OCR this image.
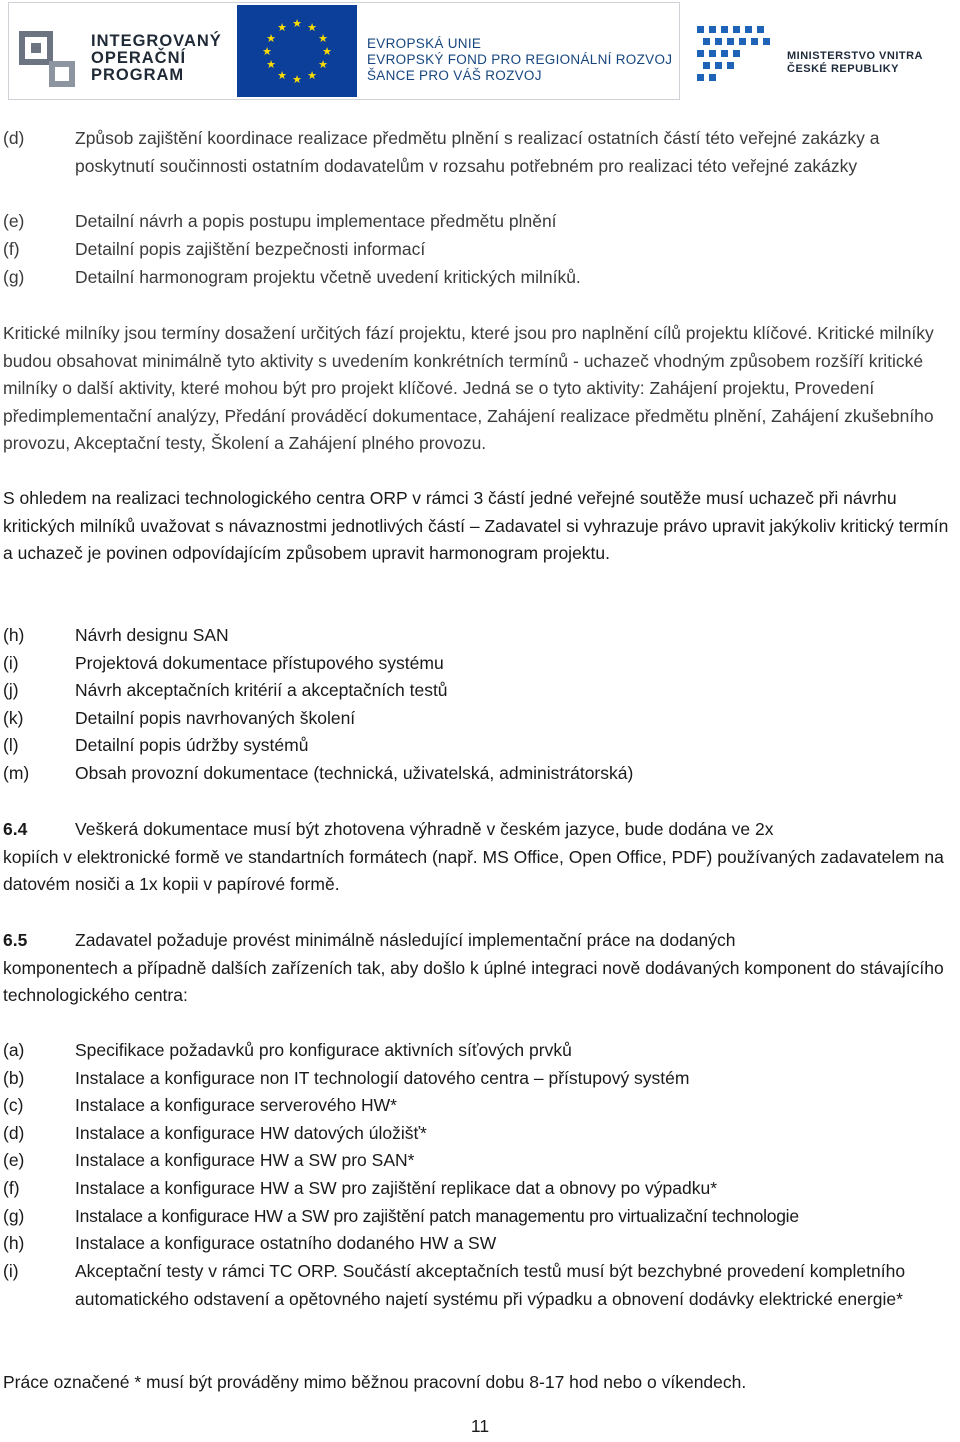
INTEGROVANÝ
OPERAČNÍ
PROGRAM
★ ★
★
★
★
★
★
★
★
★
★
★
EVROPSKÁ UNIE
EVROPSKÝ FOND PRO REGIONÁLNÍ ROZVOJ
ŠANCE PRO VÁŠ ROZVOJ
MINISTERSTVO VNITRA
ČESKÉ REPUBLIKY
(d)	Způsob zajištění koordinace realizace předmětu plnění s realizací ostatních částí této veřejné zakázky a poskytnutí součinnosti ostatním dodavatelům v rozsahu potřebném pro realizaci této veřejné zakázky
(e)	Detailní návrh a popis postupu implementace předmětu plnění
(f)	Detailní popis zajištění bezpečnosti informací
(g)	Detailní harmonogram projektu včetně uvedení kritických milníků.
Kritické milníky jsou termíny dosažení určitých fází projektu, které jsou pro naplnění cílů projektu klíčové. Kritické milníky budou obsahovat minimálně tyto aktivity s uvedením konkrétních termínů - uchazeč vhodným způsobem rozšíří kritické milníky o další aktivity, které mohou být pro projekt klíčové. Jedná se o tyto aktivity: Zahájení projektu, Provedení předimplementační analýzy, Předání prováděcí dokumentace, Zahájení realizace předmětu plnění, Zahájení zkušebního provozu, Akceptační testy, Školení a Zahájení plného provozu.
S ohledem na realizaci technologického centra ORP v rámci 3 částí jedné veřejné soutěže musí uchazeč při návrhu kritických milníků uvažovat s návaznostmi jednotlivých částí – Zadavatel si vyhrazuje právo upravit jakýkoliv kritický termín a uchazeč je povinen odpovídajícím způsobem upravit harmonogram projektu.
(h)	Návrh designu SAN
(i)	Projektová dokumentace přístupového systému
(j)	Návrh akceptačních kritérií a akceptačních testů
(k)	Detailní popis navrhovaných školení
(l)	Detailní popis údržby systémů
(m)	Obsah provozní dokumentace (technická, uživatelská, administrátorská)
6.4	Veškerá dokumentace musí být zhotovena výhradně v českém jazyce, bude dodána ve 2x
kopiích v elektronické formě ve standartních formátech (např. MS Office, Open Office, PDF) používaných zadavatelem na datovém nosiči a 1x kopii v papírové formě.
6.5	Zadavatel požaduje provést minimálně následující implementační práce na dodaných
komponentech a případně dalších zařízeních tak, aby došlo k úplné integraci nově dodávaných komponent do stávajícího technologického centra:
(a)	Specifikace požadavků pro konfigurace aktivních síťových prvků
(b)	Instalace a konfigurace non IT technologií datového centra – přístupový systém
(c)	Instalace a konfigurace serverového HW*
(d)	Instalace a konfigurace HW datových úložišť*
(e)	Instalace a konfigurace HW a SW pro SAN*
(f)	Instalace a konfigurace HW a SW pro zajištění replikace dat a obnovy po výpadku*
(g)	Instalace a konfigurace HW a SW pro zajištění patch managementu pro virtualizační technologie
(h)	Instalace a konfigurace ostatního dodaného HW a SW
(i)	Akceptační testy v rámci TC ORP. Součástí akceptačních testů musí být bezchybné provedení kompletního automatického odstavení a opětovného najetí systému při výpadku a obnovení dodávky elektrické energie*
Práce označené * musí být prováděny mimo běžnou pracovní dobu 8-17 hod nebo o víkendech.
11
